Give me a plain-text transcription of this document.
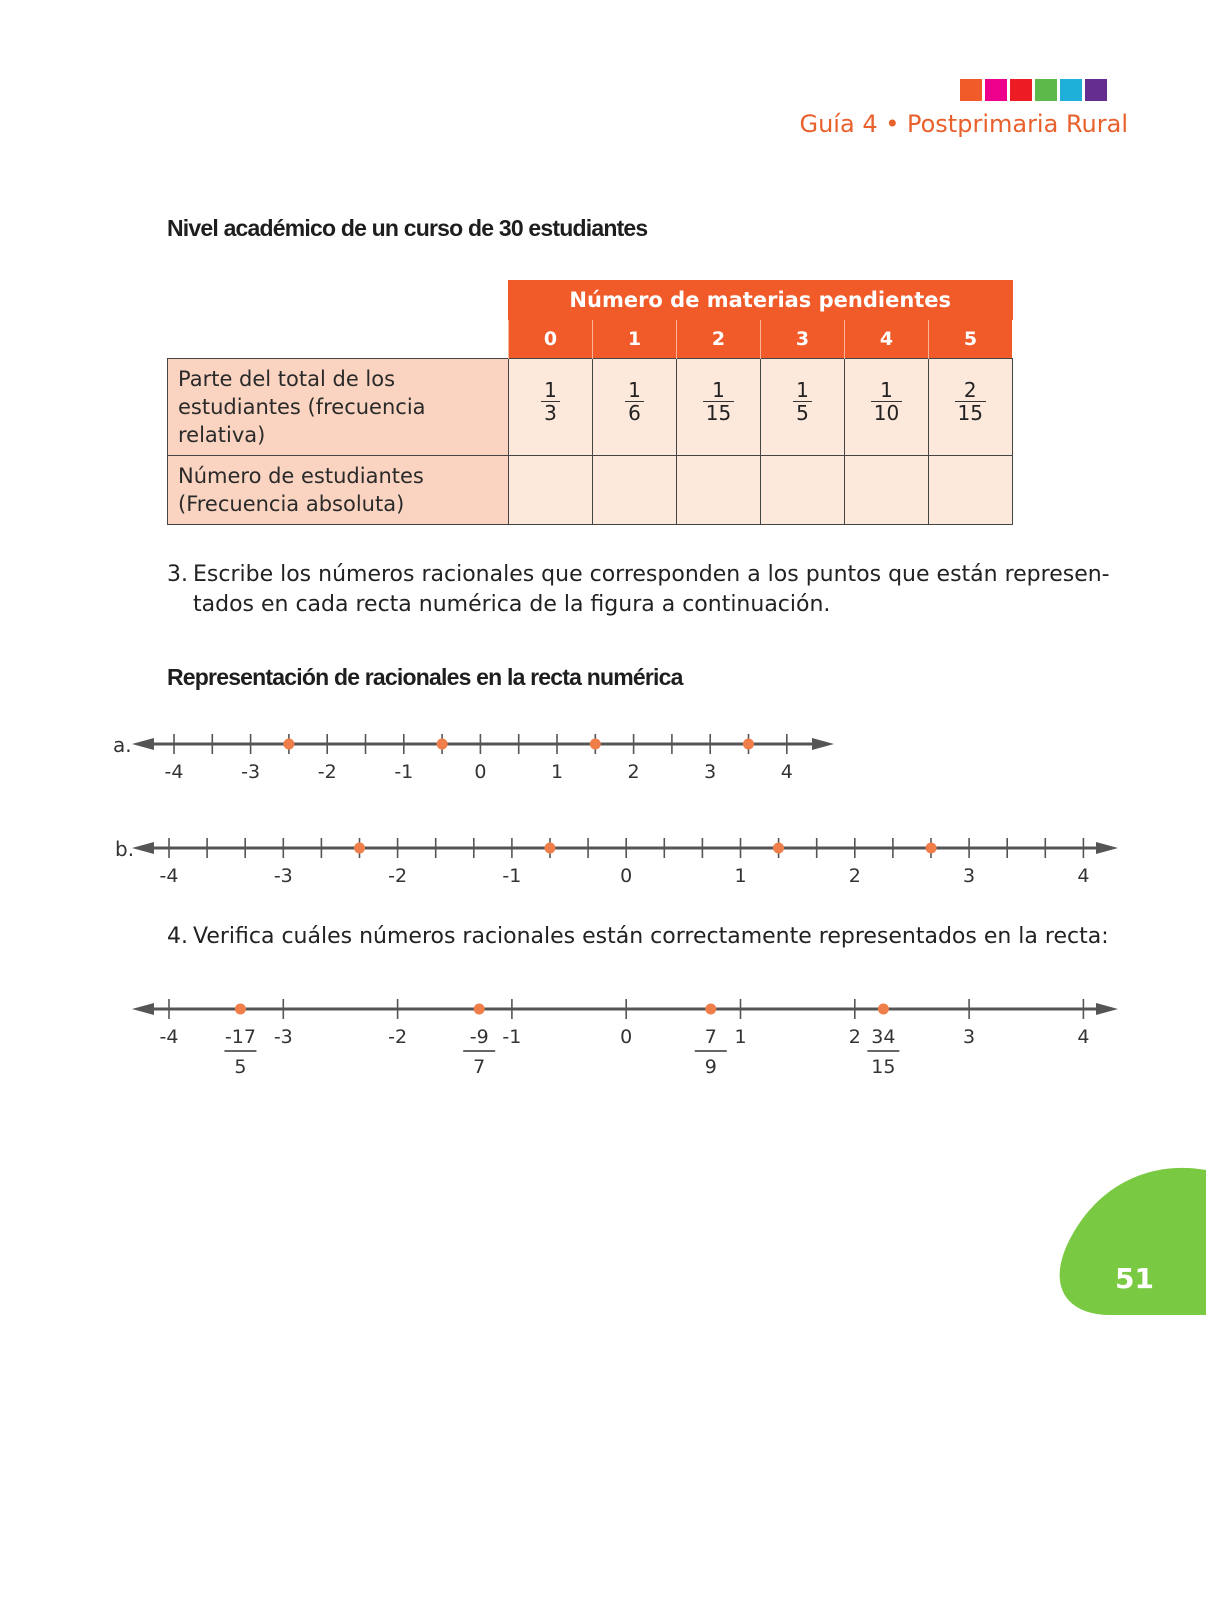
Guía 4 • Postprimaria Rural
Nivel académico de un curso de 30 estudiantes
	Número de materias pendientes					
	0	1	2	3	4	5
Parte del total de los estudiantes (frecuencia relativa)	$\frac{1}{3}$	$\frac{1}{6}$	$\frac{1}{15}$	$\frac{1}{5}$	$\frac{1}{10}$	$\frac{2}{15}$

Número de estudiantes (Frecuencia absoluta)						
3. Escribe los números racionales que corresponden a los puntos que están represen-
tados en cada recta numérica de la figura a continuación.
Representación de racionales en la recta numérica
a.
-4	-3	-2	-1	0	1	2	3	4
b.
-4	-3	-2	-1	0	1	2	3	4
-4	-3	-2	-1	0	1	2	3	4
-17
5
-9
7
7
9
34
15
4. Verifica cuáles números racionales están correctamente representados en la recta:
51
